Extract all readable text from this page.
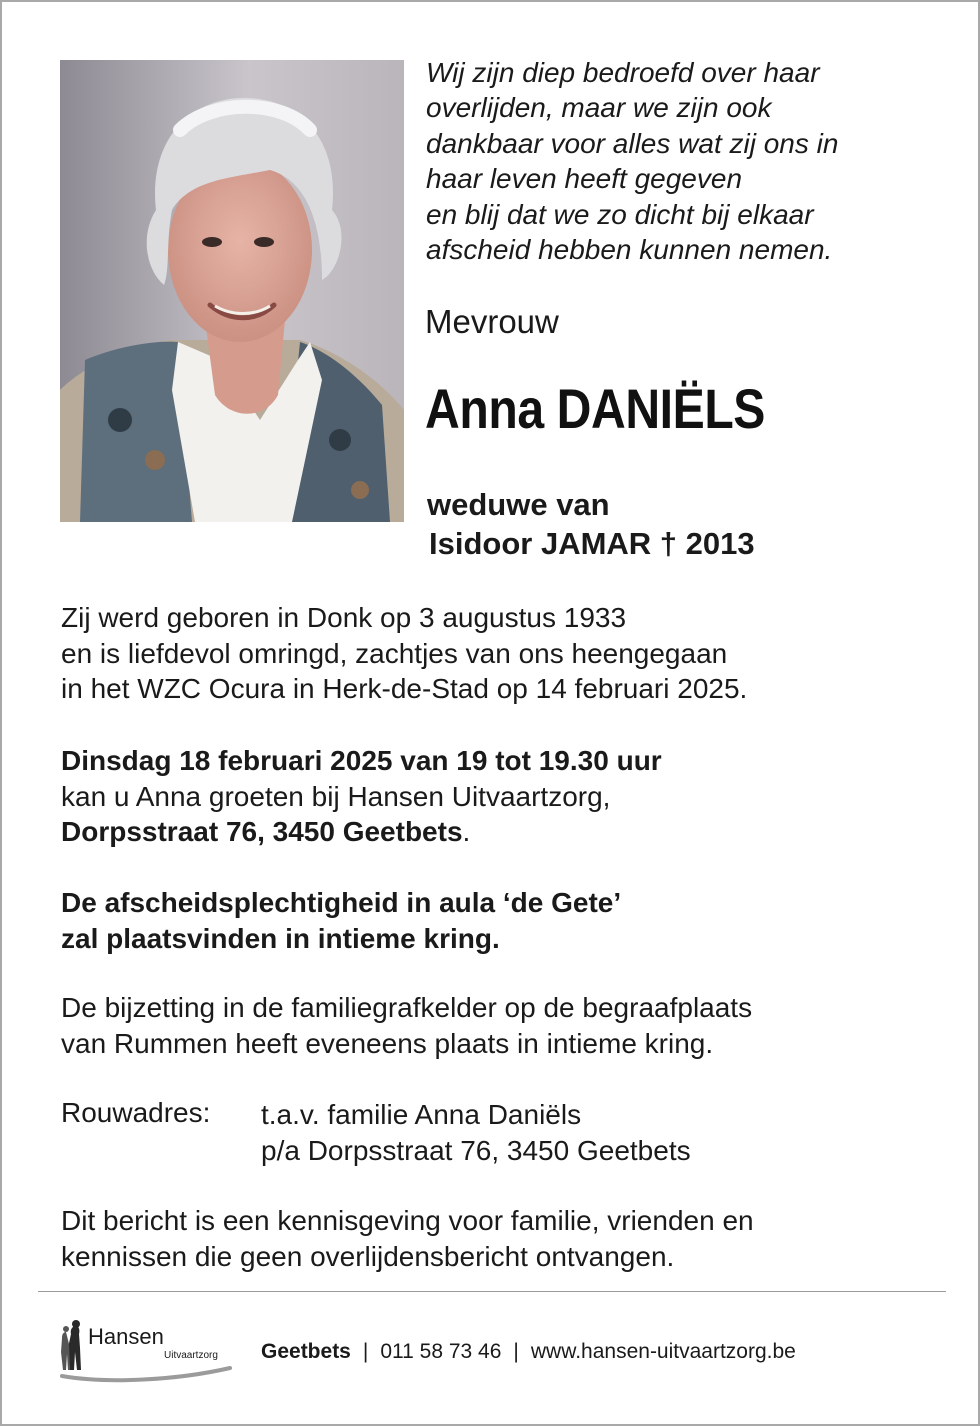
Wij zijn diep bedroefd over haar
overlijden, maar we zijn ook
dankbaar voor alles wat zij ons in
haar leven heeft gegeven
en blij dat we zo dicht bij elkaar
afscheid hebben kunnen nemen.
Mevrouw
Anna DANIËLS
weduwe van
Isidoor JAMAR † 2013
Zij werd geboren in Donk op 3 augustus 1933
en is liefdevol omringd, zachtjes van ons heengegaan
in het WZC Ocura in Herk-de-Stad op 14 februari 2025.
Dinsdag 18 februari 2025 van 19 tot 19.30 uur
kan u Anna groeten bij Hansen Uitvaartzorg,
Dorpsstraat 76, 3450 Geetbets.
De afscheidsplechtigheid in aula ‘de Gete’
zal plaatsvinden in intieme kring.
De bijzetting in de familiegrafkelder op de begraafplaats
van Rummen heeft eveneens plaats in intieme kring.
Rouwadres: t.a.v. familie Anna Daniëls
p/a Dorpsstraat 76, 3450 Geetbets
Dit bericht is een kennisgeving voor familie, vrienden en
kennissen die geen overlijdensbericht ontvangen.
Hansen
Uitvaartzorg Geetbets | 011 58 73 46 | www.hansen-uitvaartzorg.be
